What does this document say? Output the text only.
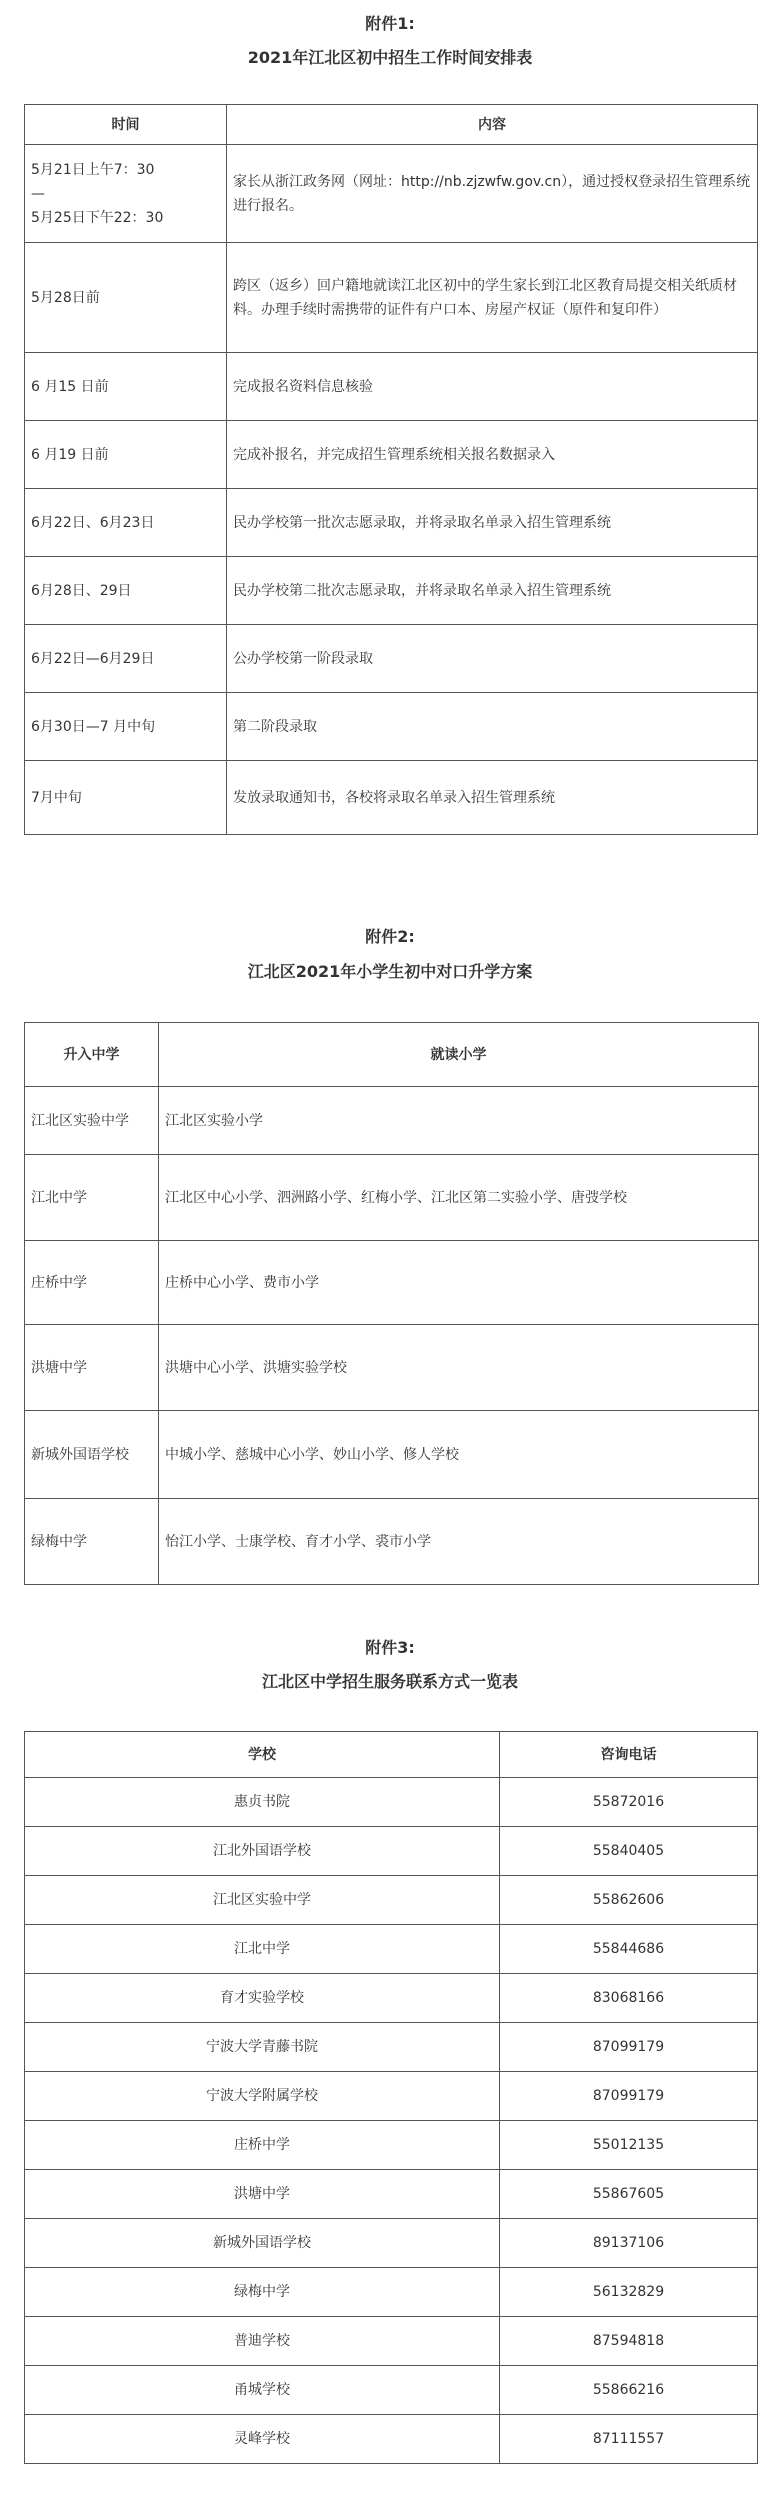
附件1:
2021年江北区初中招生工作时间安排表
时间	内容
5月21日上午7：30
—
5月25日下午22：30	家长从浙江政务网（网址：http://nb.zjzwfw.gov.cn），通过授权登录招生管理系统进行报名。
5月28日前	跨区（返乡）回户籍地就读江北区初中的学生家长到江北区教育局提交相关纸质材料。办理手续时需携带的证件有户口本、房屋产权证（原件和复印件）
6 月15 日前	完成报名资料信息核验
6 月19 日前	完成补报名，并完成招生管理系统相关报名数据录入
6月22日、6月23日	民办学校第一批次志愿录取，并将录取名单录入招生管理系统
6月28日、29日	民办学校第二批次志愿录取，并将录取名单录入招生管理系统
6月22日—6月29日	公办学校第一阶段录取
6月30日—7 月中旬	第二阶段录取
7月中旬	发放录取通知书，各校将录取名单录入招生管理系统
附件2:
江北区2021年小学生初中对口升学方案
升入中学	就读小学
江北区实验中学	江北区实验小学
江北中学	江北区中心小学、泗洲路小学、红梅小学、江北区第二实验小学、唐弢学校
庄桥中学	庄桥中心小学、费市小学
洪塘中学	洪塘中心小学、洪塘实验学校
新城外国语学校	中城小学、慈城中心小学、妙山小学、修人学校
绿梅中学	怡江小学、士康学校、育才小学、裘市小学
附件3:
江北区中学招生服务联系方式一览表
学校	咨询电话
惠贞书院	55872016
江北外国语学校	55840405
江北区实验中学	55862606
江北中学	55844686
育才实验学校	83068166
宁波大学青藤书院	87099179
宁波大学附属学校	87099179
庄桥中学	55012135
洪塘中学	55867605
新城外国语学校	89137106
绿梅中学	56132829
普迪学校	87594818
甬城学校	55866216
灵峰学校	87111557
